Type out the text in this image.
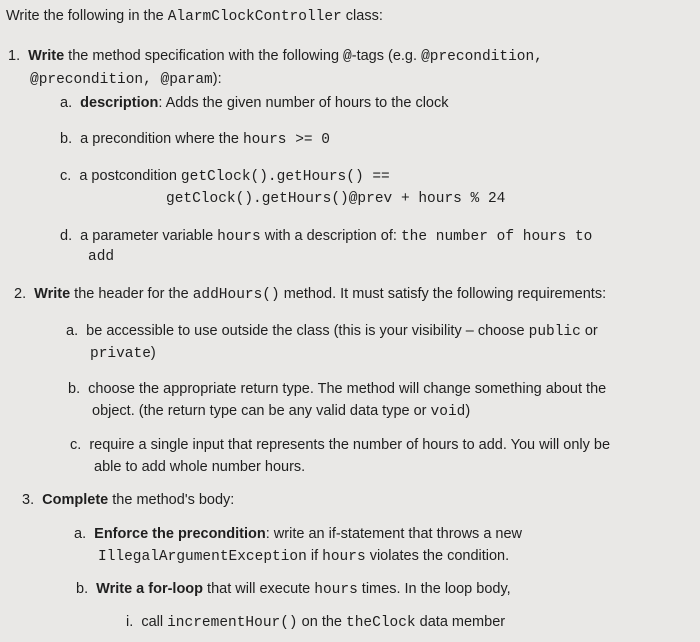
Write the following in the AlarmClockController class:
1. Write the method specification with the following @-tags (e.g. @precondition,
@precondition, @param):
a. description: Adds the given number of hours to the clock
b. a precondition where the hours >= 0
c. a postcondition getClock().getHours() ==
getClock().getHours()@prev + hours % 24
d. a parameter variable hours with a description of: the number of hours to
add
2. Write the header for the addHours() method. It must satisfy the following requirements:
a. be accessible to use outside the class (this is your visibility – choose public or
private)
b. choose the appropriate return type. The method will change something about the
object. (the return type can be any valid data type or void)
c. require a single input that represents the number of hours to add. You will only be
able to add whole number hours.
3. Complete the method's body:
a. Enforce the precondition: write an if-statement that throws a new
IllegalArgumentException if hours violates the condition.
b. Write a for-loop that will execute hours times. In the loop body,
i. call incrementHour() on the theClock data member
